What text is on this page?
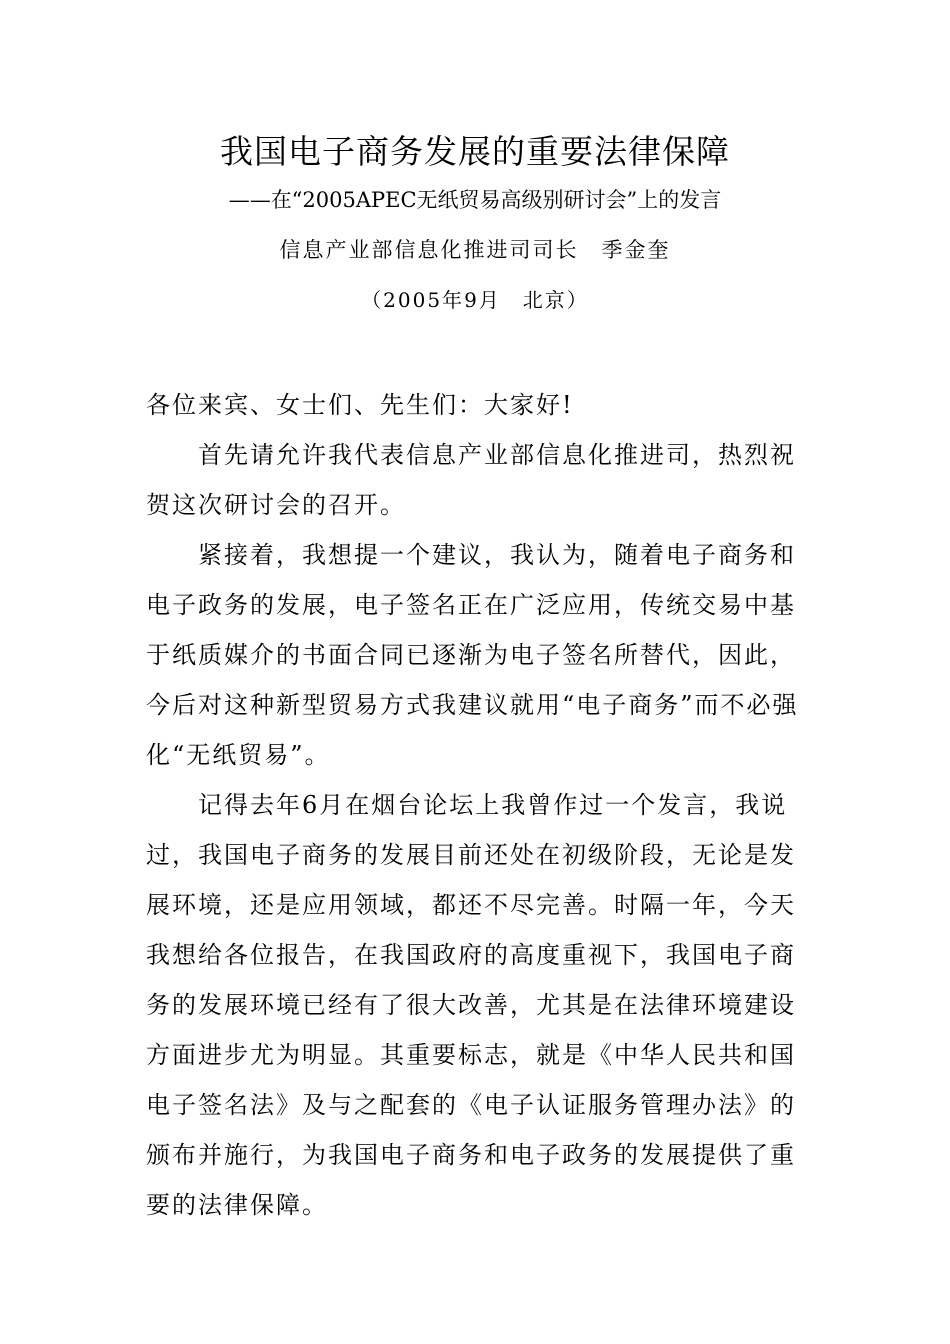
我国电子商务发展的重要法律保障
——在“2005APEC无纸贸易高级别研讨会”上的发言
信息产业部信息化推进司司长　季金奎
（2005年9月　北京）

各位来宾、女士们、先生们：大家好!

首先请允许我代表信息产业部信息化推进司，热烈祝贺这次研讨会的召开。

紧接着，我想提一个建议，我认为，随着电子商务和电子政务的发展，电子签名正在广泛应用，传统交易中基于纸质媒介的书面合同已逐渐为电子签名所替代，因此，今后对这种新型贸易方式我建议就用“电子商务”而不必强化“无纸贸易”。

记得去年6月在烟台论坛上我曾作过一个发言，我说过，我国电子商务的发展目前还处在初级阶段，无论是发展环境，还是应用领域，都还不尽完善。时隔一年，今天我想给各位报告，在我国政府的高度重视下，我国电子商务的发展环境已经有了很大改善，尤其是在法律环境建设方面进步尤为明显。其重要标志，就是《中华人民共和国电子签名法》及与之配套的《电子认证服务管理办法》的颁布并施行，为我国电子商务和电子政务的发展提供了重要的法律保障。
